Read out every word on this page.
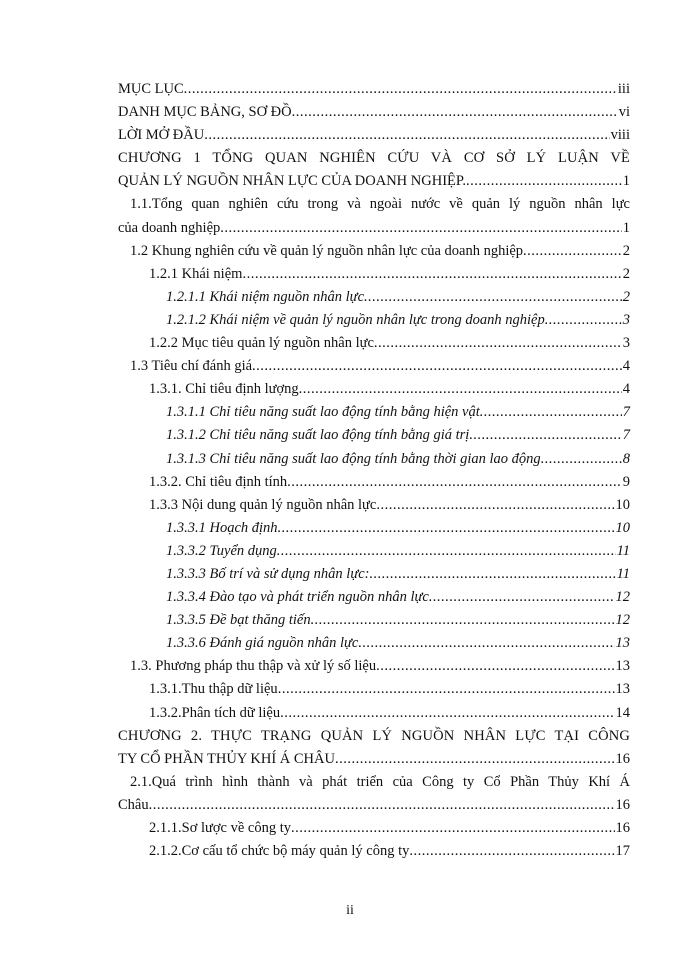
MỤC LỤC .....	iii
DANH MỤC BẢNG, SƠ ĐỒ .....	vi
LỜI MỞ ĐẦU .....	viii
CHƯƠNG 1 TỔNG QUAN NGHIÊN CỨU VÀ CƠ SỞ LÝ LUẬN VỀ
QUẢN LÝ NGUỒN NHÂN LỰC CỦA DOANH NGHIỆP. .....	1
1.1.Tổng quan nghiên cứu trong và ngoài nước về quản lý nguồn nhân lực
của doanh nghiệp .....	1
1.2 Khung nghiên cứu về quản lý nguồn nhân lực của doanh nghiệp .....	2
1.2.1 Khái niệm .....	2
1.2.1.1 Khái niệm nguồn nhân lực .....	2
1.2.1.2 Khái niệm về quản lý nguồn nhân lực trong doanh nghiệp .....	3
1.2.2 Mục tiêu quản lý nguồn nhân lực .....	3
1.3 Tiêu chí đánh giá .....	4
1.3.1. Chỉ tiêu định lượng .....	4
1.3.1.1 Chỉ tiêu năng suất lao động tính bằng hiện vật .....	7
1.3.1.2 Chỉ tiêu năng suất lao động tính bằng giá trị .....	7
1.3.1.3 Chỉ tiêu năng suất lao động tính bằng thời gian lao động .....	8
1.3.2. Chỉ tiêu định tính .....	9
1.3.3 Nội dung quản lý nguồn nhân lực .....	10
1.3.3.1 Hoạch định .....	10
1.3.3.2 Tuyển dụng .....	11
1.3.3.3 Bố trí và sử dụng nhân lực: .....	11
1.3.3.4 Đào tạo và phát triển nguồn nhân lực .....	12
1.3.3.5 Đề bạt thăng tiến .....	12
1.3.3.6 Đánh giá nguồn nhân lực .....	13
1.3. Phương pháp thu thập và xử lý số liệu .....	13
1.3.1.Thu thập dữ liệu .....	13
1.3.2.Phân tích dữ liệu .....	14
CHƯƠNG 2. THỰC TRẠNG QUẢN LÝ NGUỒN NHÂN LỰC TẠI CÔNG
TY CỔ PHẦN THỦY KHÍ Á CHÂU .....	16
2.1.Quá trình hình thành và phát triển của Công ty Cổ Phần Thủy Khí Á
Châu .....	16
2.1.1.Sơ lược về công ty .....	16
2.1.2.Cơ cấu tổ chức bộ máy quản lý công ty .....	17
ii
